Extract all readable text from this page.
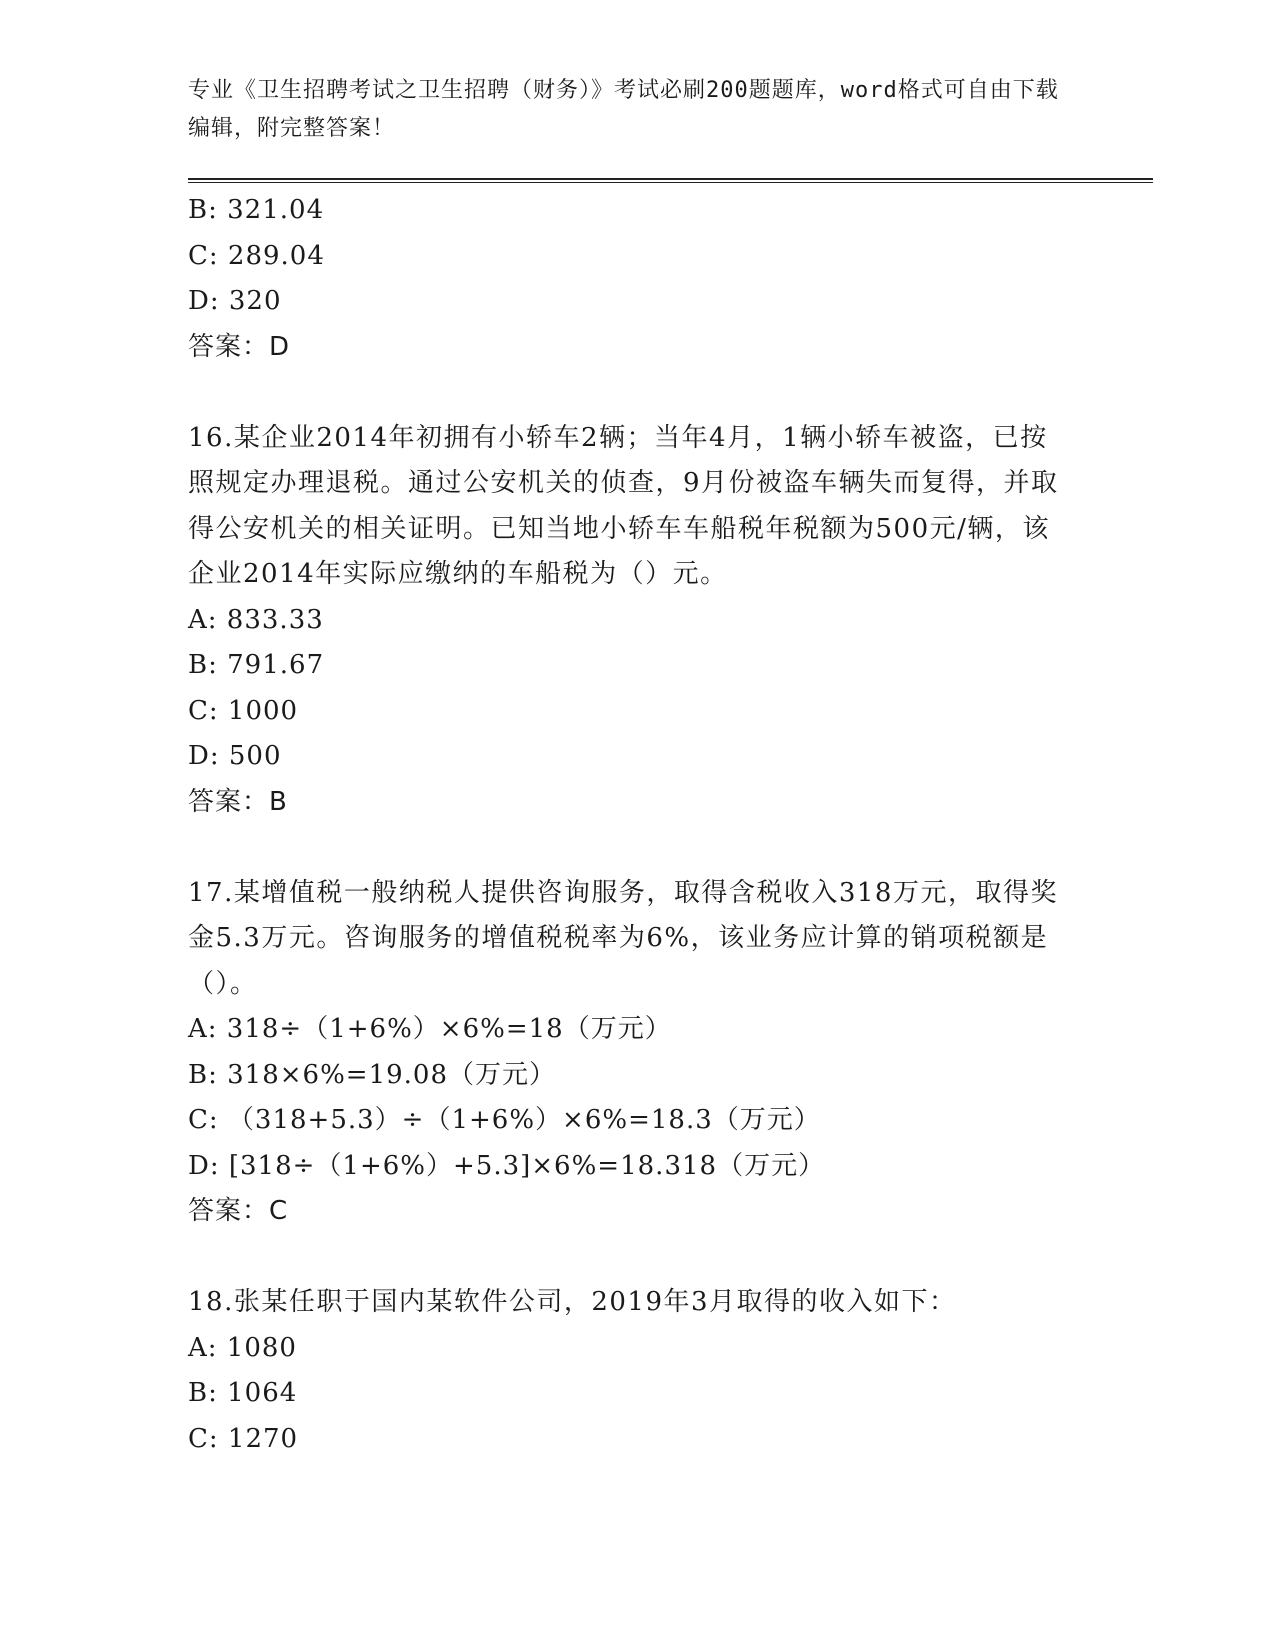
专业《卫生招聘考试之卫生招聘（财务）》考试必刷200题题库，word格式可自由下载编辑，附完整答案！
B: 321.04
C: 289.04
D: 320
答案：D
16.某企业2014年初拥有小轿车2辆；当年4月，1辆小轿车被盗，已按照规定办理退税。通过公安机关的侦查，9月份被盗车辆失而复得，并取得公安机关的相关证明。已知当地小轿车车船税年税额为500元/辆，该企业2014年实际应缴纳的车船税为（）元。
A: 833.33
B: 791.67
C: 1000
D: 500
答案：B
17.某增值税一般纳税人提供咨询服务，取得含税收入318万元，取得奖金5.3万元。咨询服务的增值税税率为6%，该业务应计算的销项税额是（）。
A: 318÷（1+6%）×6%=18（万元）
B: 318×6%=19.08（万元）
C: （318+5.3）÷（1+6%）×6%=18.3（万元）
D: [318÷（1+6%）+5.3]×6%=18.318（万元）
答案：C
18.张某任职于国内某软件公司，2019年3月取得的收入如下：
A: 1080
B: 1064
C: 1270
